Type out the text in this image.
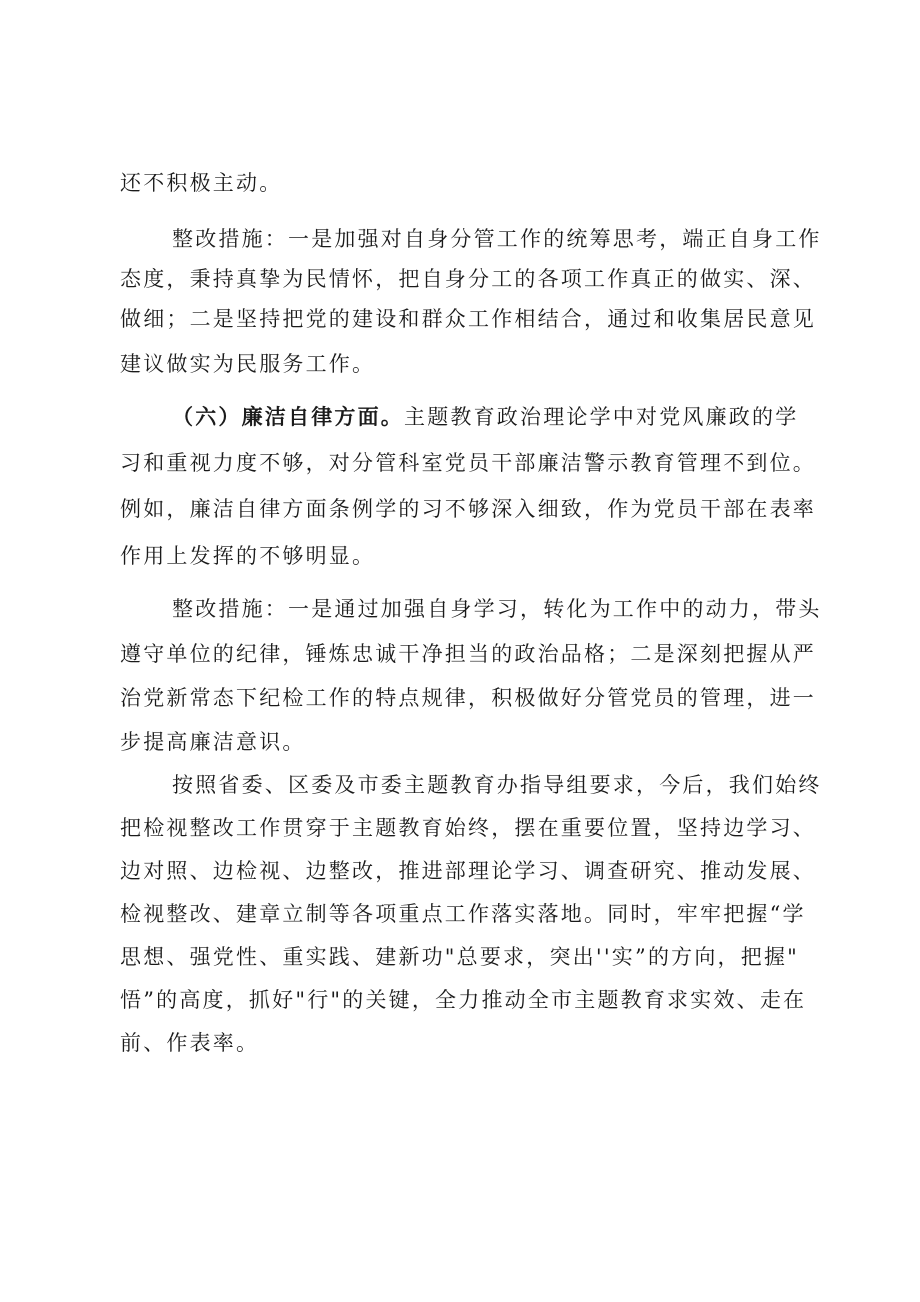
还不积极主动。
整改措施：一是加强对自身分管工作的统筹思考，端正自身工作
态度，秉持真挚为民情怀，把自身分工的各项工作真正的做实、深、
做细；二是坚持把党的建设和群众工作相结合，通过和收集居民意见
建议做实为民服务工作。
（六）廉洁自律方面。主题教育政治理论学中对党风廉政的学
习和重视力度不够，对分管科室党员干部廉洁警示教育管理不到位。
例如，廉洁自律方面条例学的习不够深入细致，作为党员干部在表率
作用上发挥的不够明显。
整改措施：一是通过加强自身学习，转化为工作中的动力，带头
遵守单位的纪律，锤炼忠诚干净担当的政治品格；二是深刻把握从严
治党新常态下纪检工作的特点规律，积极做好分管党员的管理，进一
步提高廉洁意识。
按照省委、区委及市委主题教育办指导组要求，今后，我们始终
把检视整改工作贯穿于主题教育始终，摆在重要位置，坚持边学习、
边对照、边检视、边整改，推进部理论学习、调查研究、推动发展、
检视整改、建章立制等各项重点工作落实落地。同时，牢牢把握“学
思想、强党性、重实践、建新功"总要求，突出''实”的方向，把握"
悟”的高度，抓好"行"的关键，全力推动全市主题教育求实效、走在
前、作表率。
